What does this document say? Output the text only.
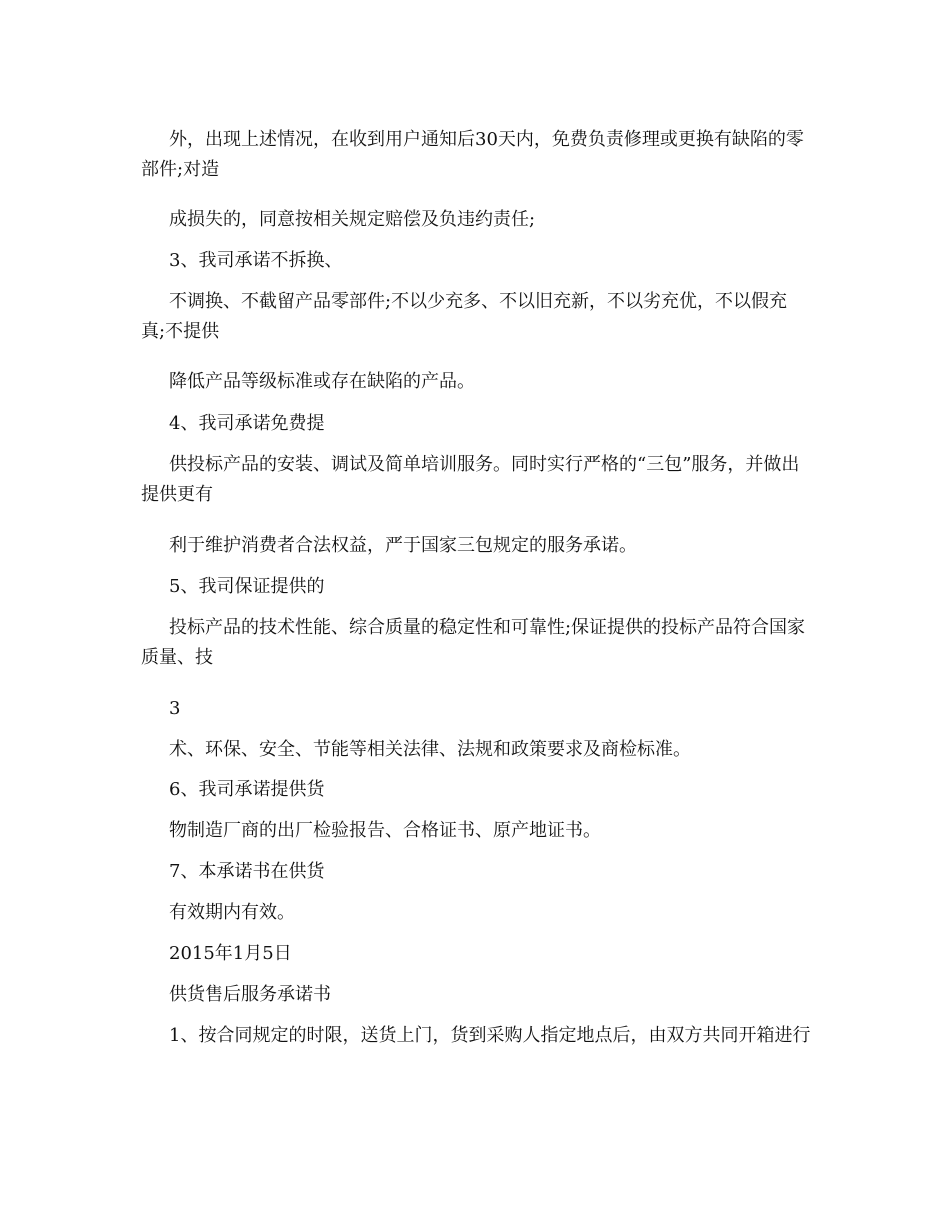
外，出现上述情况，在收到用户通知后30天内，免费负责修理或更换有缺陷的零部件;对造

成损失的，同意按相关规定赔偿及负违约责任;

3、我司承诺不拆换、

不调换、不截留产品零部件;不以少充多、不以旧充新，不以劣充优，不以假充真;不提供

降低产品等级标准或存在缺陷的产品。

4、我司承诺免费提

供投标产品的安装、调试及简单培训服务。同时实行严格的“三包”服务，并做出提供更有

利于维护消费者合法权益，严于国家三包规定的服务承诺。

5、我司保证提供的

投标产品的技术性能、综合质量的稳定性和可靠性;保证提供的投标产品符合国家质量、技

3

术、环保、安全、节能等相关法律、法规和政策要求及商检标准。

6、我司承诺提供货

物制造厂商的出厂检验报告、合格证书、原产地证书。

7、本承诺书在供货

有效期内有效。

2015年1月5日

供货售后服务承诺书

1、按合同规定的时限，送货上门，货到采购人指定地点后，由双方共同开箱进行
